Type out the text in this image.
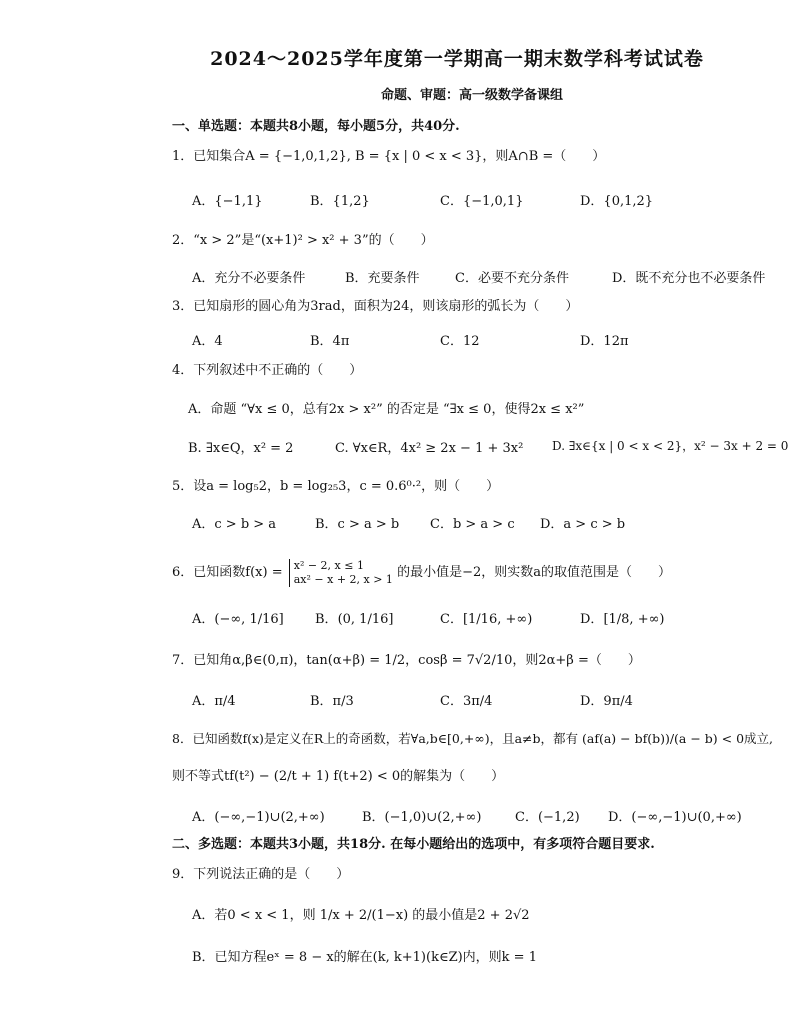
2024～2025学年度第一学期高一期末数学科考试试卷
命题、审题：高一级数学备课组
一、单选题：本题共8小题，每小题5分，共40分.
1．已知集合A = {−1,0,1,2}, B = {x | 0 < x < 3}，则A∩B =（　　）
A．{−1,1}	B．{1,2}	C．{−1,0,1}	D．{0,1,2}
2．“x > 2”是“(x+1)² > x² + 3”的（　　）
A．充分不必要条件	B．充要条件	C．必要不充分条件	D．既不充分也不必要条件
3．已知扇形的圆心角为3rad，面积为24，则该扇形的弧长为（　　）
A．4	B．4π	C．12	D．12π
4．下列叙述中不正确的（　　）
A．命题 “∀x ≤ 0，总有2x > x²” 的否定是 “∃x ≤ 0，使得2x ≤ x²”
B. ∃x∈Q，x² = 2	C. ∀x∈R，4x² ≥ 2x − 1 + 3x² D. ∃x∈{x | 0 < x < 2}，x² − 3x + 2 = 0
5．设a = log₅2，b = log₂₅3，c = 0.6⁰·²，则（　　）
A．c > b > a	B．c > a > b C．b > a > c D．a > c > b
6．已知函数f(x) = x² − 2, x ≤ 1
ax² − x + 2, x > 1 的最小值是−2，则实数a的取值范围是（　　）
A．(−∞, 1/16] B．(0, 1/16]	C．[1/16, +∞)	D．[1/8, +∞)
7．已知角α,β∈(0,π)，tan(α+β) = 1/2，cosβ = 7√2/10，则2α+β =（　　）
A．π/4	B．π/3	C．3π/4	D．9π/4
8．已知函数f(x)是定义在R上的奇函数，若∀a,b∈[0,+∞)，且a≠b，都有 (af(a) − bf(b))/(a − b) < 0成立,
则不等式tf(t²) − (2/t + 1) f(t+2) < 0的解集为（　　）
A．(−∞,−1)∪(2,+∞)	B．(−1,0)∪(2,+∞)	C．(−1,2) D．(−∞,−1)∪(0,+∞)
二、多选题：本题共3小题，共18分. 在每小题给出的选项中，有多项符合题目要求.
9．下列说法正确的是（　　）
A．若0 < x < 1，则 1/x + 2/(1−x) 的最小值是2 + 2√2
B．已知方程eˣ = 8 − x的解在(k, k+1)(k∈Z)内，则k = 1
